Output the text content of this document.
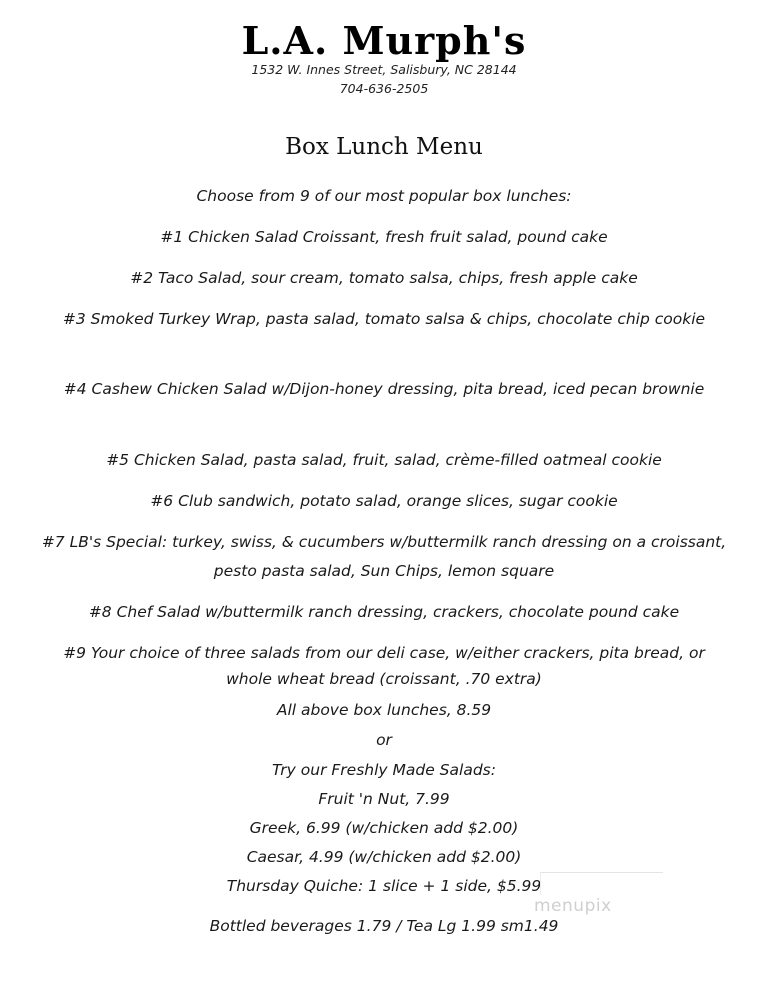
L.A. Murph's
1532 W. Innes Street, Salisbury, NC 28144
704-636-2505
Box Lunch Menu
Choose from 9 of our most popular box lunches:
#1 Chicken Salad Croissant, fresh fruit salad, pound cake
#2 Taco Salad, sour cream, tomato salsa, chips, fresh apple cake
#3 Smoked Turkey Wrap, pasta salad, tomato salsa & chips, chocolate chip cookie
#4 Cashew Chicken Salad w/Dijon-honey dressing, pita bread, iced pecan brownie
#5 Chicken Salad, pasta salad, fruit, salad, crème-filled oatmeal cookie
#6 Club sandwich, potato salad, orange slices, sugar cookie
#7 LB's Special: turkey, swiss, & cucumbers w/buttermilk ranch dressing on a croissant, pesto pasta salad, Sun Chips, lemon square
#8 Chef Salad w/buttermilk ranch dressing, crackers, chocolate pound cake
#9 Your choice of three salads from our deli case, w/either crackers, pita bread, or whole wheat bread (croissant, .70 extra)
All above box lunches, 8.59
or
Try our Freshly Made Salads:
Fruit 'n Nut, 7.99
Greek, 6.99 (w/chicken add $2.00)
Caesar, 4.99 (w/chicken add $2.00)
Thursday Quiche: 1 slice + 1 side, $5.99
Bottled beverages 1.79 / Tea Lg 1.99 sm1.49
menupix
